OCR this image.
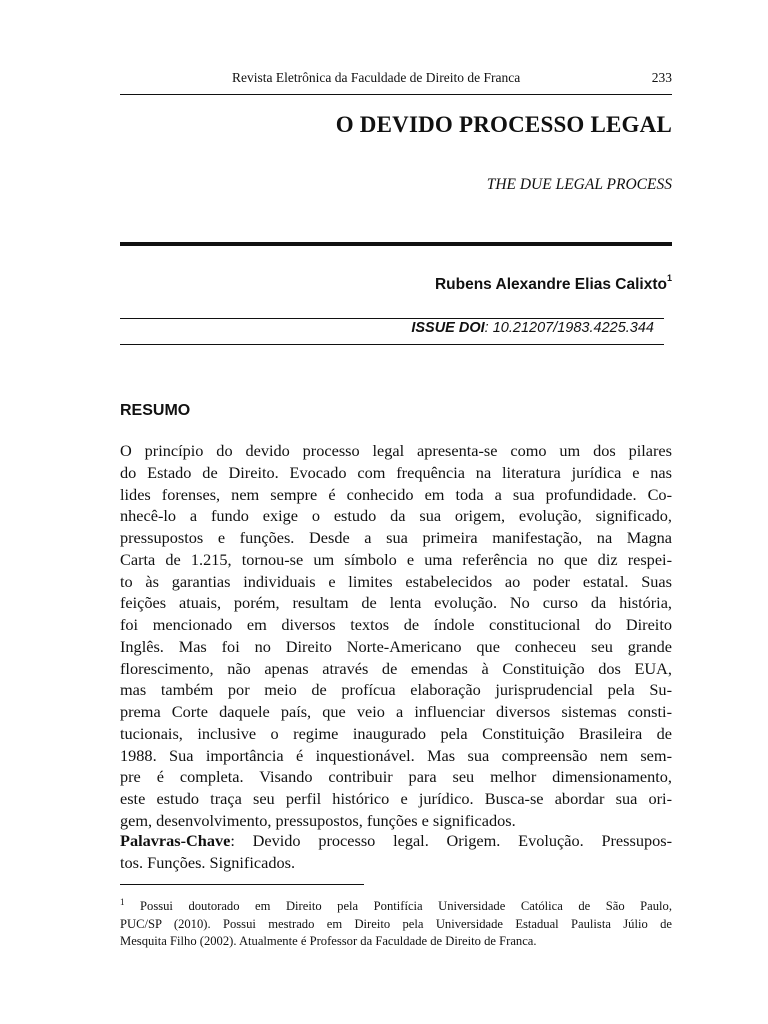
Revista Eletrônica da Faculdade de Direito de Franca	233
O DEVIDO PROCESSO LEGAL
THE DUE LEGAL PROCESS
Rubens Alexandre Elias Calixto$^1$
ISSUE DOI: 10.21207/1983.4225.344
RESUMO
O princípio do devido processo legal apresenta-se como um dos pilares
do Estado de Direito. Evocado com frequência na literatura jurídica e nas
lides forenses, nem sempre é conhecido em toda a sua profundidade. Co-
nhecê-lo a fundo exige o estudo da sua origem, evolução, significado,
pressupostos e funções. Desde a sua primeira manifestação, na Magna
Carta de 1.215, tornou-se um símbolo e uma referência no que diz respei-
to às garantias individuais e limites estabelecidos ao poder estatal. Suas
feições atuais, porém, resultam de lenta evolução. No curso da história,
foi mencionado em diversos textos de índole constitucional do Direito
Inglês. Mas foi no Direito Norte-Americano que conheceu seu grande
florescimento, não apenas através de emendas à Constituição dos EUA,
mas também por meio de profícua elaboração jurisprudencial pela Su-
prema Corte daquele país, que veio a influenciar diversos sistemas consti-
tucionais, inclusive o regime inaugurado pela Constituição Brasileira de
1988. Sua importância é inquestionável. Mas sua compreensão nem sem-
pre é completa. Visando contribuir para seu melhor dimensionamento,
este estudo traça seu perfil histórico e jurídico. Busca-se abordar sua ori-
gem, desenvolvimento, pressupostos, funções e significados.
Palavras-Chave: Devido processo legal. Origem. Evolução. Pressupos-
tos. Funções. Significados.
$^1$ Possui doutorado em Direito pela Pontifícia Universidade Católica de São Paulo,
PUC/SP (2010). Possui mestrado em Direito pela Universidade Estadual Paulista Júlio de
Mesquita Filho (2002). Atualmente é Professor da Faculdade de Direito de Franca.
